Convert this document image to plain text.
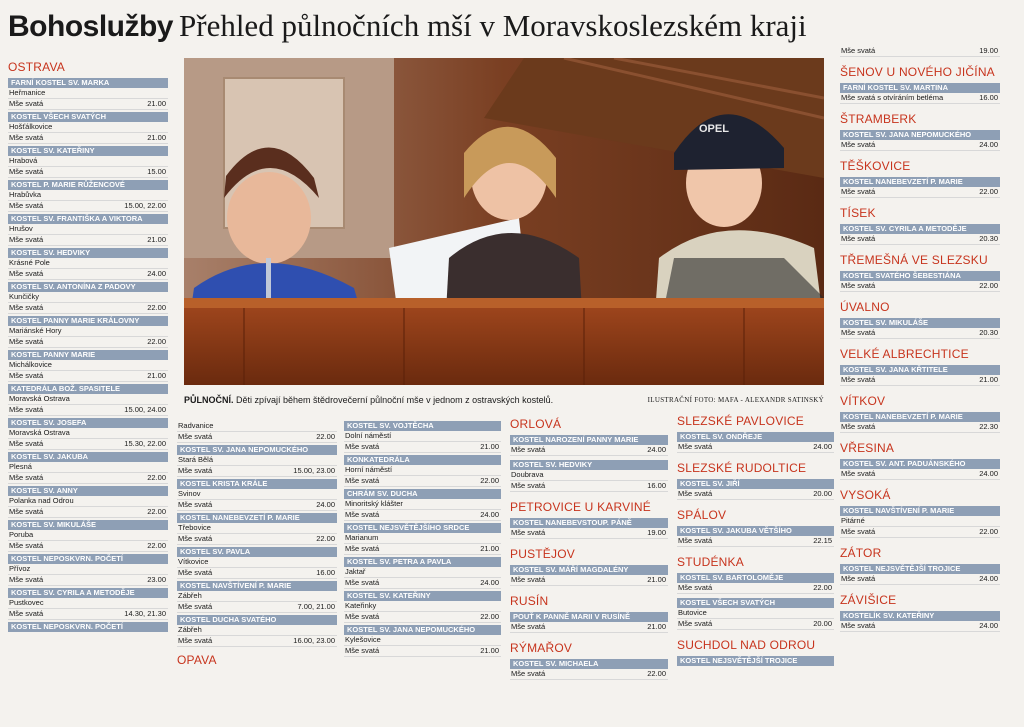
Bohoslužby Přehled půlnočních mší v Moravskoslezském kraji
OPEL
PŮLNOČNÍ. Děti zpívají během štědrovečerní půlnoční mše v jednom z ostravských kostelů.	ILUSTRAČNÍ FOTO: MAFA - ALEXANDR SATINSKÝ
OSTRAVA
FARNÍ KOSTEL SV. MARKA
Heřmanice
Mše svatá	21.00
KOSTEL VŠECH SVATÝCH
Hošťálkovice
Mše svatá	21.00
KOSTEL SV. KATEŘINY
Hrabová
Mše svatá	15.00
KOSTEL P. MARIE RŮŽENCOVÉ
Hrabůvka
Mše svatá	15.00, 22.00
KOSTEL SV. FRANTIŠKA A VIKTORA
Hrušov
Mše svatá	21.00
KOSTEL SV. HEDVIKY
Krásné Pole
Mše svatá	24.00
KOSTEL SV. ANTONÍNA Z PADOVY
Kunčičky
Mše svatá	22.00
KOSTEL PANNY MARIE KRÁLOVNY
Mariánské Hory
Mše svatá	22.00
KOSTEL PANNY MARIE
Michálkovice
Mše svatá	21.00
KATEDRÁLA BOŽ. SPASITELE
Moravská Ostrava
Mše svatá	15.00, 24.00
KOSTEL SV. JOSEFA
Moravská Ostrava
Mše svatá	15.30, 22.00
KOSTEL SV. JAKUBA
Plesná
Mše svatá	22.00
KOSTEL SV. ANNY
Polanka nad Odrou
Mše svatá	22.00
KOSTEL SV. MIKULÁŠE
Poruba
Mše svatá	22.00
KOSTEL NEPOSKVRN. POČETÍ
Přívoz
Mše svatá	23.00
KOSTEL SV. CYRILA A METODĚJE
Pustkovec
Mše svatá	14.30, 21.30
KOSTEL NEPOSKVRN. POČETÍ
Radvanice
Mše svatá	22.00
KOSTEL SV. JANA NEPOMUCKÉHO
Stará Bělá
Mše svatá	15.00, 23.00
KOSTEL KRISTA KRÁLE
Svinov
Mše svatá	24.00
KOSTEL NANEBEVZETÍ P. MARIE
Třebovice
Mše svatá	22.00
KOSTEL SV. PAVLA
Vítkovice
Mše svatá	16.00
KOSTEL NAVŠTÍVENÍ P. MARIE
Zábřeh
Mše svatá	7.00, 21.00
KOSTEL DUCHA SVATÉHO
Zábřeh
Mše svatá	16.00, 23.00
OPAVA
KOSTEL SV. VOJTĚCHA
Dolní náměstí
Mše svatá	21.00
KONKATEDRÁLA
Horní náměstí
Mše svatá	22.00
CHRÁM SV. DUCHA
Minoritský klášter
Mše svatá	24.00
KOSTEL NEJSVĚTĚJŠÍHO SRDCE
Marianum
Mše svatá	21.00
KOSTEL SV. PETRA A PAVLA
Jaktař
Mše svatá	24.00
KOSTEL SV. KATEŘINY
Kateřinky
Mše svatá	22.00
KOSTEL SV. JANA NEPOMUCKÉHO
Kylešovice
Mše svatá	21.00
ORLOVÁ
KOSTEL NAROZENÍ PANNY MARIE
Mše svatá	24.00
KOSTEL SV. HEDVIKY
Doubrava
Mše svatá	16.00
PETROVICE U KARVINÉ
KOSTEL NANEBEVSTOUP. PÁNĚ
Mše svatá	19.00
PUSTĚJOV
KOSTEL SV. MÁŘÍ MAGDALÉNY
Mše svatá	21.00
RUSÍN
POUŤ K PANNĚ MARII V RUSÍNĚ
Mše svatá	21.00
RÝMAŘOV
KOSTEL SV. MICHAELA
Mše svatá	22.00
SLEZSKÉ PAVLOVICE
KOSTEL SV. ONDŘEJE
Mše svatá	24.00
SLEZSKÉ RUDOLTICE
KOSTEL SV. JIŘÍ
Mše svatá	20.00
SPÁLOV
KOSTEL SV. JAKUBA VĚTŠÍHO
Mše svatá	22.15
STUDÉNKA
KOSTEL SV. BARTOLOMĚJE
Mše svatá	22.00
KOSTEL VŠECH SVATÝCH
Butovice
Mše svatá	20.00
SUCHDOL NAD ODROU
KOSTEL NEJSVĚTĚJŠÍ TROJICE
Mše svatá	19.00
ŠENOV U NOVÉHO JIČÍNA
FARNÍ KOSTEL SV. MARTINA
Mše svatá s otvíráním betléma	16.00
ŠTRAMBERK
KOSTEL SV. JANA NEPOMUCKÉHO
Mše svatá	24.00
TĚŠKOVICE
KOSTEL NANEBEVZETÍ P. MARIE
Mše svatá	22.00
TÍSEK
KOSTEL SV. CYRILA A METODĚJE
Mše svatá	20.30
TŘEMEŠNÁ VE SLEZSKU
KOSTEL SVATÉHO ŠEBESTIÁNA
Mše svatá	22.00
ÚVALNO
KOSTEL SV. MIKULÁŠE
Mše svatá	20.30
VELKÉ ALBRECHTICE
KOSTEL SV. JANA KŘTITELE
Mše svatá	21.00
VÍTKOV
KOSTEL NANEBEVZETÍ P. MARIE
Mše svatá	22.30
VŘESINA
KOSTEL SV. ANT. PADUÁNSKÉHO
Mše svatá	24.00
VYSOKÁ
KOSTEL NAVŠTÍVENÍ P. MARIE
Pitárné
Mše svatá	22.00
ZÁTOR
KOSTEL NEJSVĚTĚJŠÍ TROJICE
Mše svatá	24.00
ZÁVIŠICE
KOSTELÍK SV. KATEŘINY
Mše svatá	24.00
